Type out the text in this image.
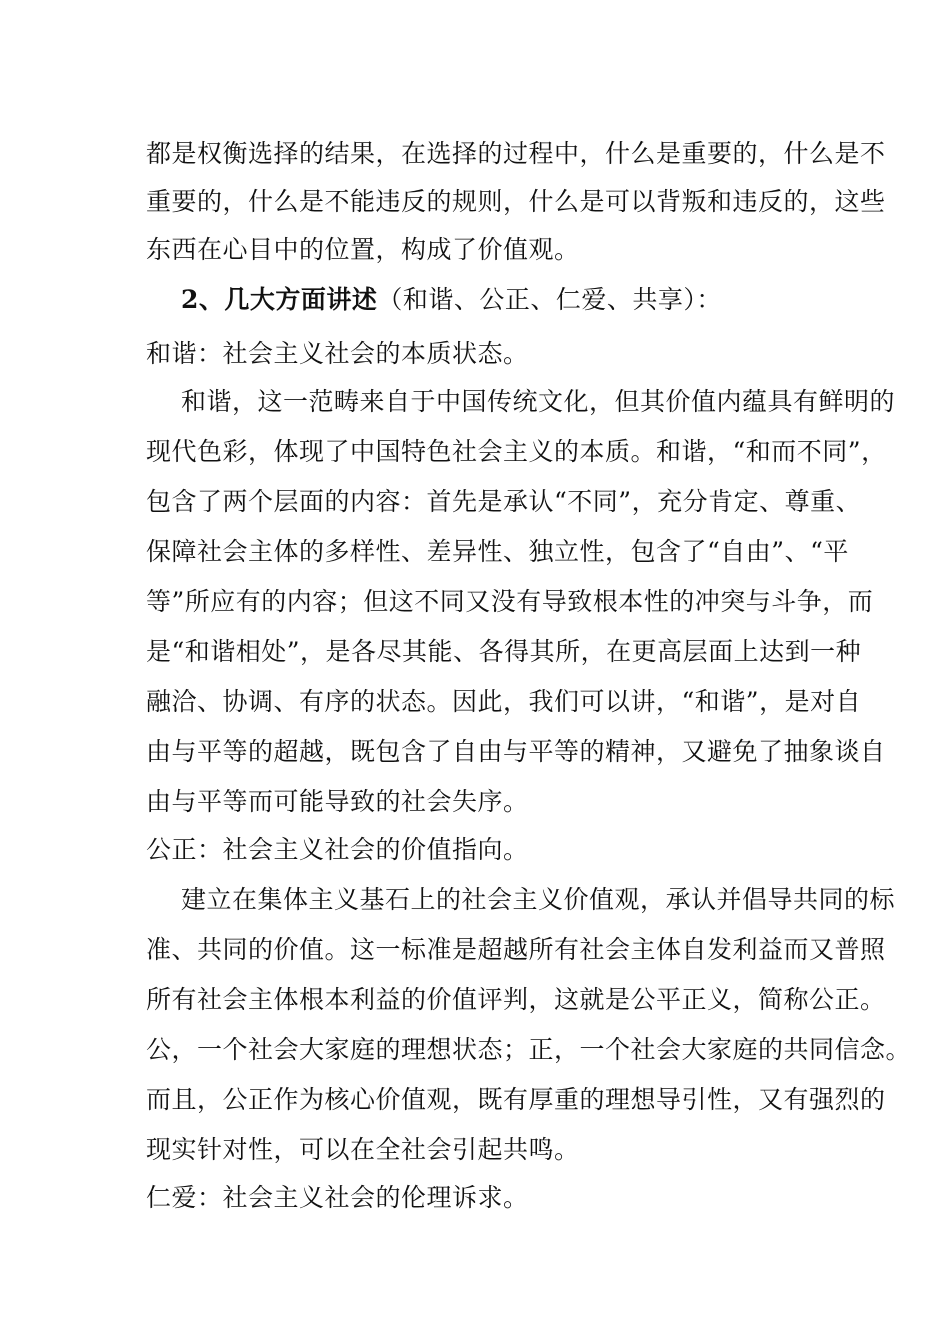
都是权衡选择的结果，在选择的过程中，什么是重要的，什么是不
重要的，什么是不能违反的规则，什么是可以背叛和违反的，这些
东西在心目中的位置，构成了价值观。
2、几大方面讲述（和谐、公正、仁爱、共享）：
和谐：社会主义社会的本质状态。
和谐，这一范畴来自于中国传统文化，但其价值内蕴具有鲜明的
现代色彩，体现了中国特色社会主义的本质。和谐，“和而不同”，
包含了两个层面的内容：首先是承认“不同”，充分肯定、尊重、
保障社会主体的多样性、差异性、独立性，包含了“自由”、“平
等”所应有的内容；但这不同又没有导致根本性的冲突与斗争，而
是“和谐相处”，是各尽其能、各得其所，在更高层面上达到一种
融洽、协调、有序的状态。因此，我们可以讲，“和谐”，是对自
由与平等的超越，既包含了自由与平等的精神，又避免了抽象谈自
由与平等而可能导致的社会失序。
公正：社会主义社会的价值指向。
建立在集体主义基石上的社会主义价值观，承认并倡导共同的标
准、共同的价值。这一标准是超越所有社会主体自发利益而又普照
所有社会主体根本利益的价值评判，这就是公平正义，简称公正。
公，一个社会大家庭的理想状态；正，一个社会大家庭的共同信念。
而且，公正作为核心价值观，既有厚重的理想导引性，又有强烈的
现实针对性，可以在全社会引起共鸣。
仁爱：社会主义社会的伦理诉求。
